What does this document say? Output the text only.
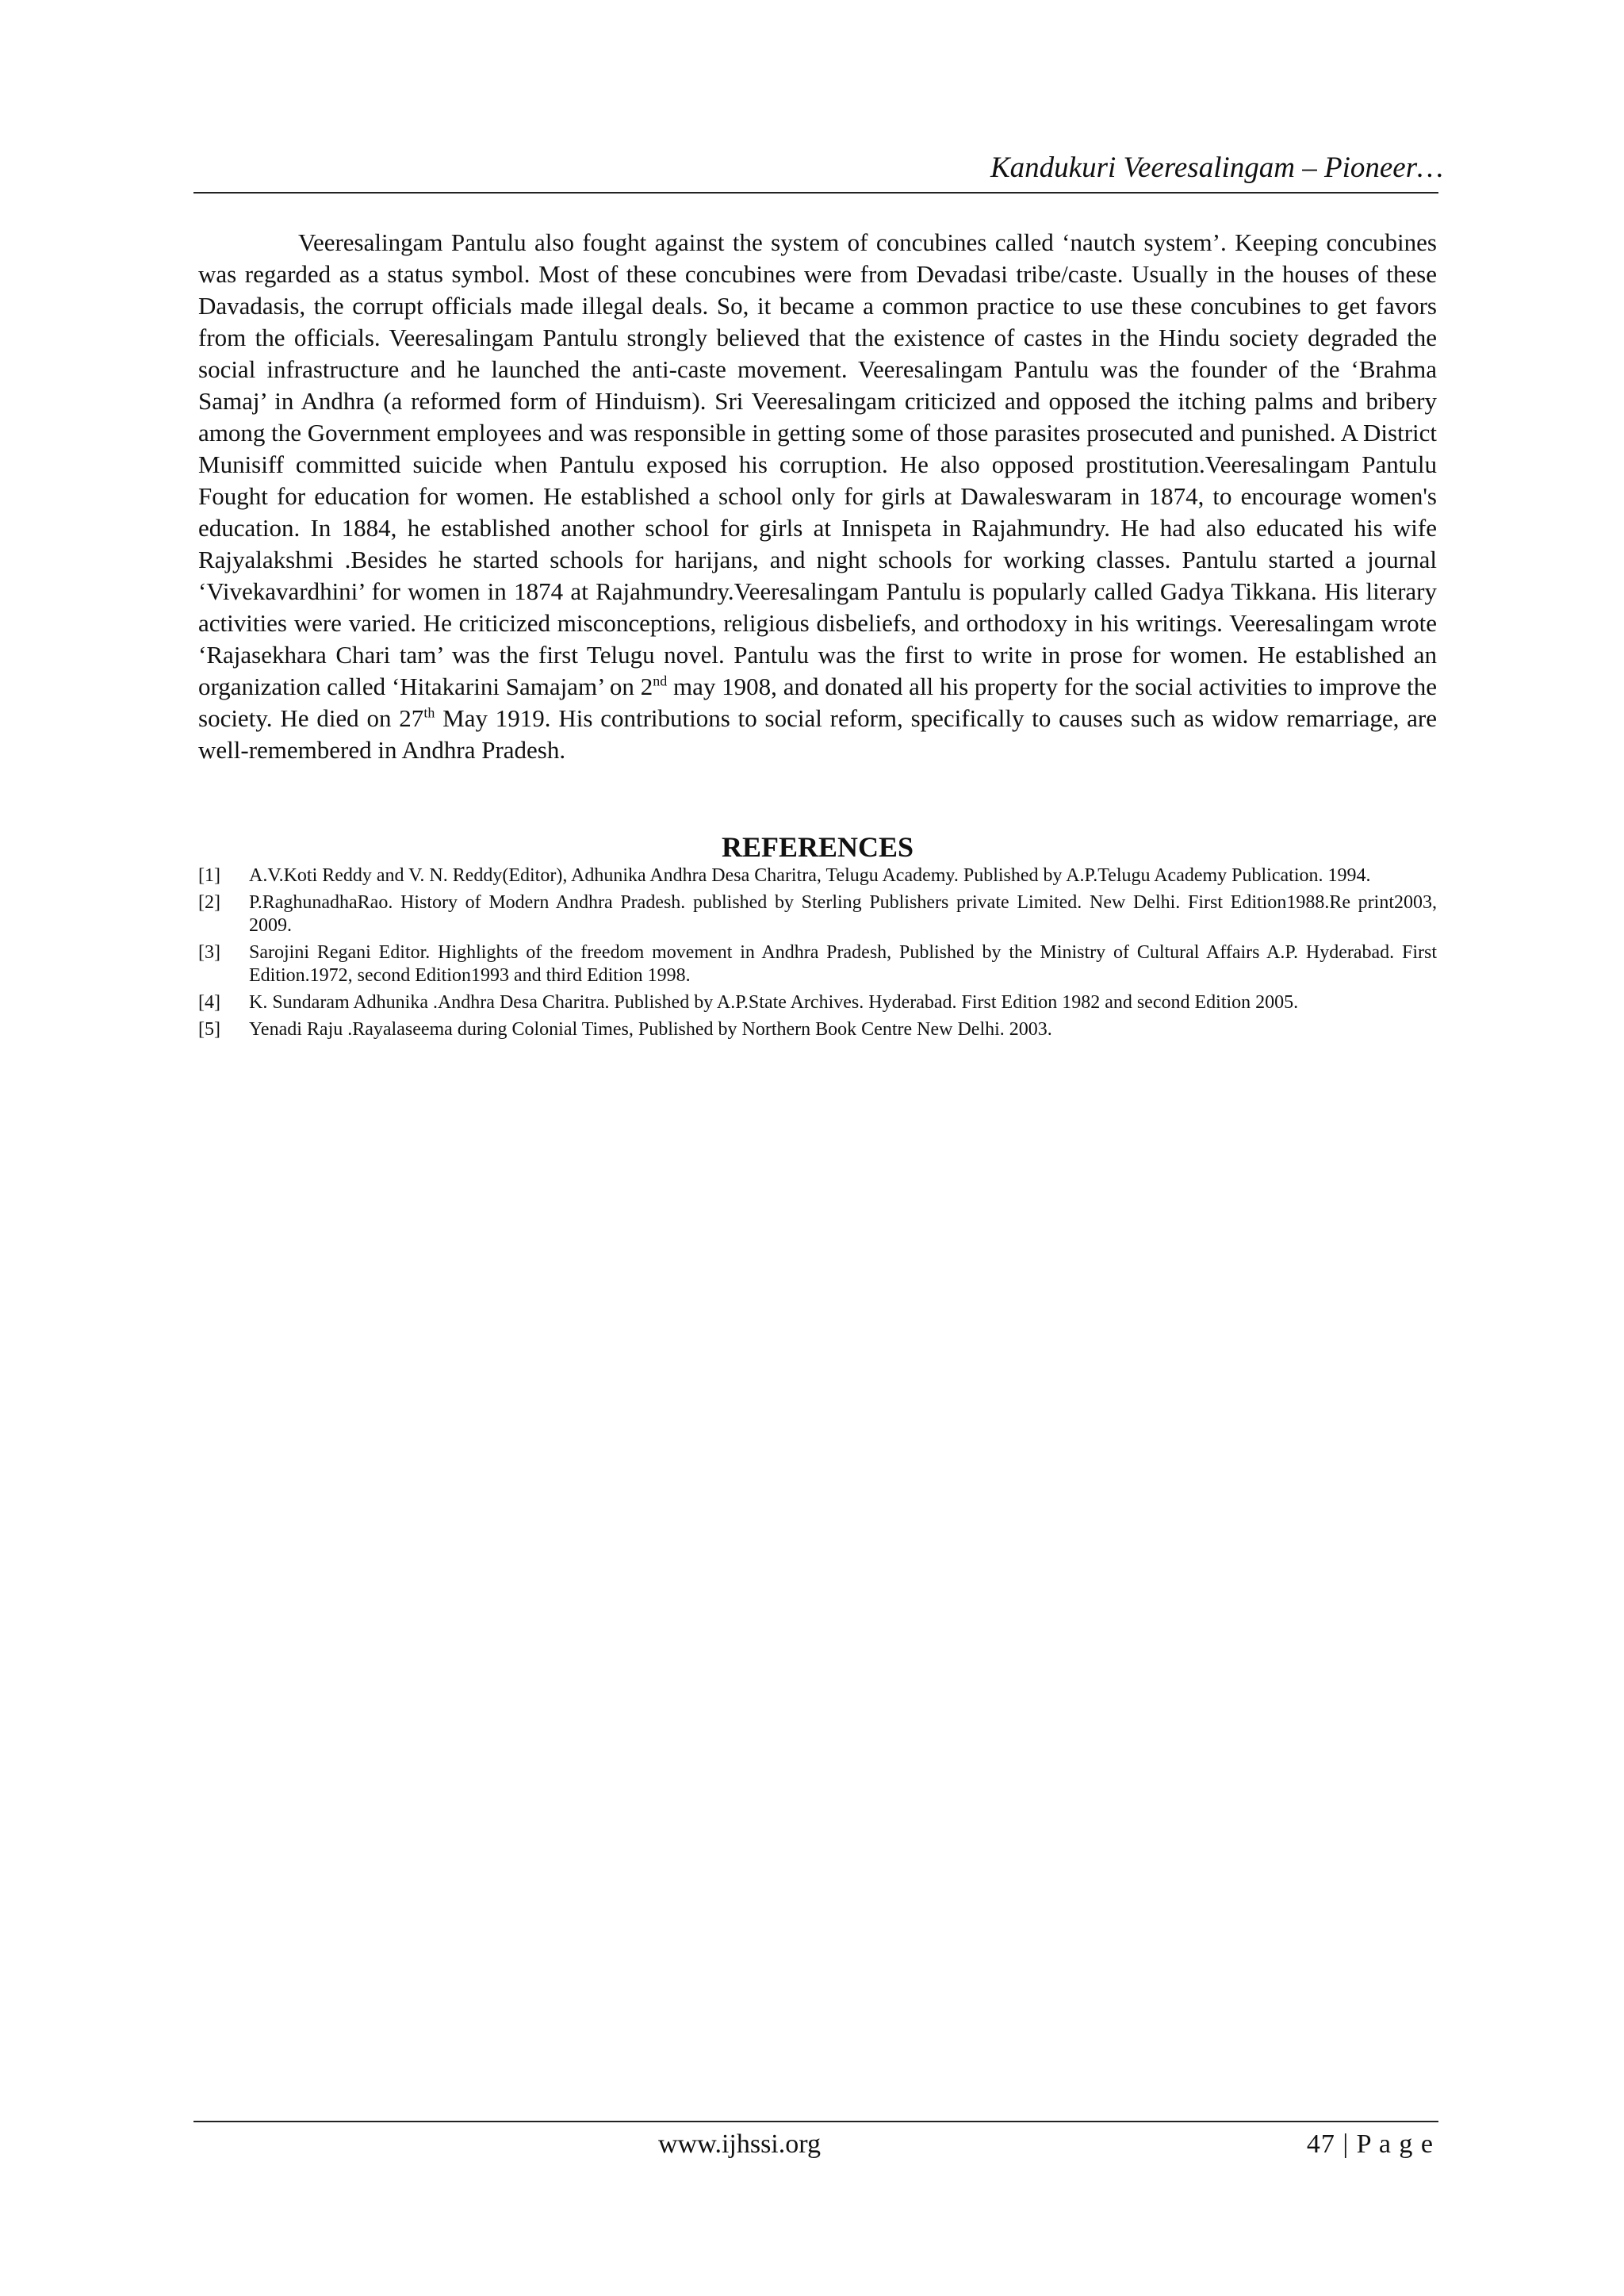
Kandukuri Veeresalingam – Pioneer…

Veeresalingam Pantulu also fought against the system of concubines called ‘nautch system’. Keeping concubines was regarded as a status symbol. Most of these concubines were from Devadasi tribe/caste. Usually in the houses of these Davadasis, the corrupt officials made illegal deals. So, it became a common practice to use these concubines to get favors from the officials. Veeresalingam Pantulu strongly believed that the existence of castes in the Hindu society degraded the social infrastructure and he launched the anti-caste movement. Veeresalingam Pantulu was the founder of the ‘Brahma Samaj’ in Andhra (a reformed form of Hinduism). Sri Veeresalingam criticized and opposed the itching palms and bribery among the Government employees and was responsible in getting some of those parasites prosecuted and punished. A District Munisiff committed suicide when Pantulu exposed his corruption. He also opposed prostitution.Veeresalingam Pantulu Fought for education for women. He established a school only for girls at Dawaleswaram in 1874, to encourage women's education. In 1884, he established another school for girls at Innispeta in Rajahmundry. He had also educated his wife Rajyalakshmi .Besides he started schools for harijans, and night schools for working classes. Pantulu started a journal ‘Vivekavardhini’ for women in 1874 at Rajahmundry.Veeresalingam Pantulu is popularly called Gadya Tikkana. His literary activities were varied. He criticized misconceptions, religious disbeliefs, and orthodoxy in his writings. Veeresalingam wrote ‘Rajasekhara Chari tam’ was the first Telugu novel. Pantulu was the first to write in prose for women. He established an organization called ‘Hitakarini Samajam’ on 2nd may 1908, and donated all his property for the social activities to improve the society. He died on 27th May 1919. His contributions to social reform, specifically to causes such as widow remarriage, are well-remembered in Andhra Pradesh.

REFERENCES
[1]	A.V.Koti Reddy and V. N. Reddy(Editor), Adhunika Andhra Desa Charitra, Telugu Academy. Published by A.P.Telugu Academy Publication. 1994.
[2]	P.RaghunadhaRao. History of Modern Andhra Pradesh. published by Sterling Publishers private Limited. New Delhi. First Edition1988.Re print2003, 2009.
[3]	Sarojini Regani Editor. Highlights of the freedom movement in Andhra Pradesh, Published by the Ministry of Cultural Affairs A.P. Hyderabad. First Edition.1972, second Edition1993 and third Edition 1998.
[4]	K. Sundaram Adhunika .Andhra Desa Charitra. Published by A.P.State Archives. Hyderabad. First Edition 1982 and second Edition 2005.
[5]	Yenadi Raju .Rayalaseema during Colonial Times, Published by Northern Book Centre New Delhi. 2003.
www.ijhssi.org	47 | P a g e
